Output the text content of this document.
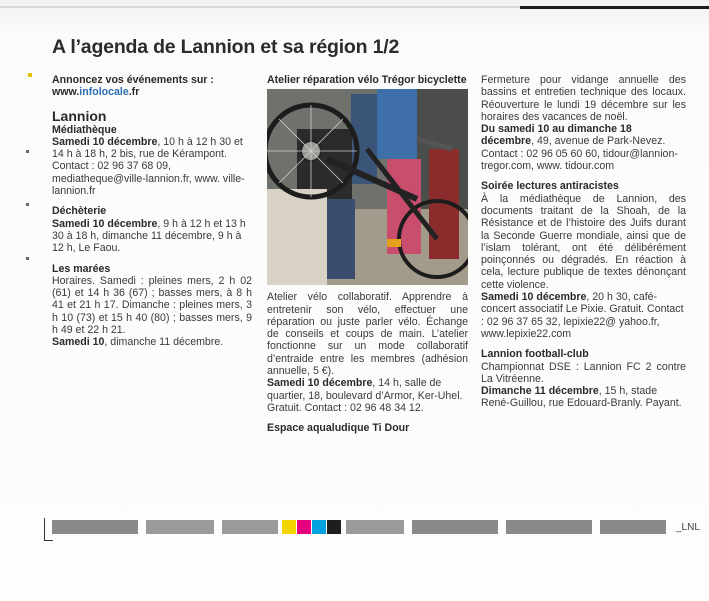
A l’agenda de Lannion et sa région 1/2
Annoncez vos événements sur :
www.infolocale.fr
Lannion
Médiathèque
Samedi 10 décembre, 10 h à 12 h 30 et 14 h à 18 h, 2 bis, rue de Kérampont. Contact : 02 96 37 68 09, mediatheque@ville-lannion.fr, www. ville-lannion.fr
Déchèterie
Samedi 10 décembre, 9 h à 12 h et 13 h 30 à 18 h, dimanche 11 décembre, 9 h à 12 h, Le Faou.
Les marées
Horaires. Samedi : pleines mers, 2 h 02 (61) et 14 h 36 (67) ; basses mers, à 8 h 41 et 21 h 17. Dimanche : pleines mers, 3 h 10 (73) et 15 h 40 (80) ; basses mers, 9 h 49 et 22 h 21.
Samedi 10, dimanche 11 décembre.
Atelier réparation vélo Trégor bicyclette
Atelier vélo collaboratif. Apprendre à entretenir son vélo, effectuer une réparation ou juste parler vélo. Échange de conseils et coups de main. L’atelier fonctionne sur un mode collaboratif d’entraide entre les membres (adhésion annuelle, 5 €).
Samedi 10 décembre, 14 h, salle de quartier, 18, boulevard d’Armor, Ker-Uhel. Gratuit. Contact : 02 96 48 34 12.
Espace aqualudique Ti Dour
Fermeture pour vidange annuelle des bassins et entretien technique des locaux. Réouverture le lundi 19 décembre sur les horaires des vacances de noël.
Du samedi 10 au dimanche 18 décembre, 49, avenue de Park-Nevez. Contact : 02 96 05 60 60, tidour@lannion-tregor.com, www. tidour.com
Soirée lectures antiracistes
À la médiathèque de Lannion, des documents traitant de la Shoah, de la Résistance et de l’histoire des Juifs durant la Seconde Guerre mondiale, ainsi que de l’islam tolérant, ont été délibérément poinçonnés ou dégradés. En réaction à cela, lecture publique de textes dénonçant cette violence.
Samedi 10 décembre, 20 h 30, café-concert associatif Le Pixie. Gratuit. Contact : 02 96 37 65 32, lepixie22@ yahoo.fr, www.lepixie22.com
Lannion football-club
Championnat DSE : Lannion FC 2 contre La Vitréenne.
Dimanche 11 décembre, 15 h, stade René-Guillou, rue Edouard-Branly. Payant.
_LNL
